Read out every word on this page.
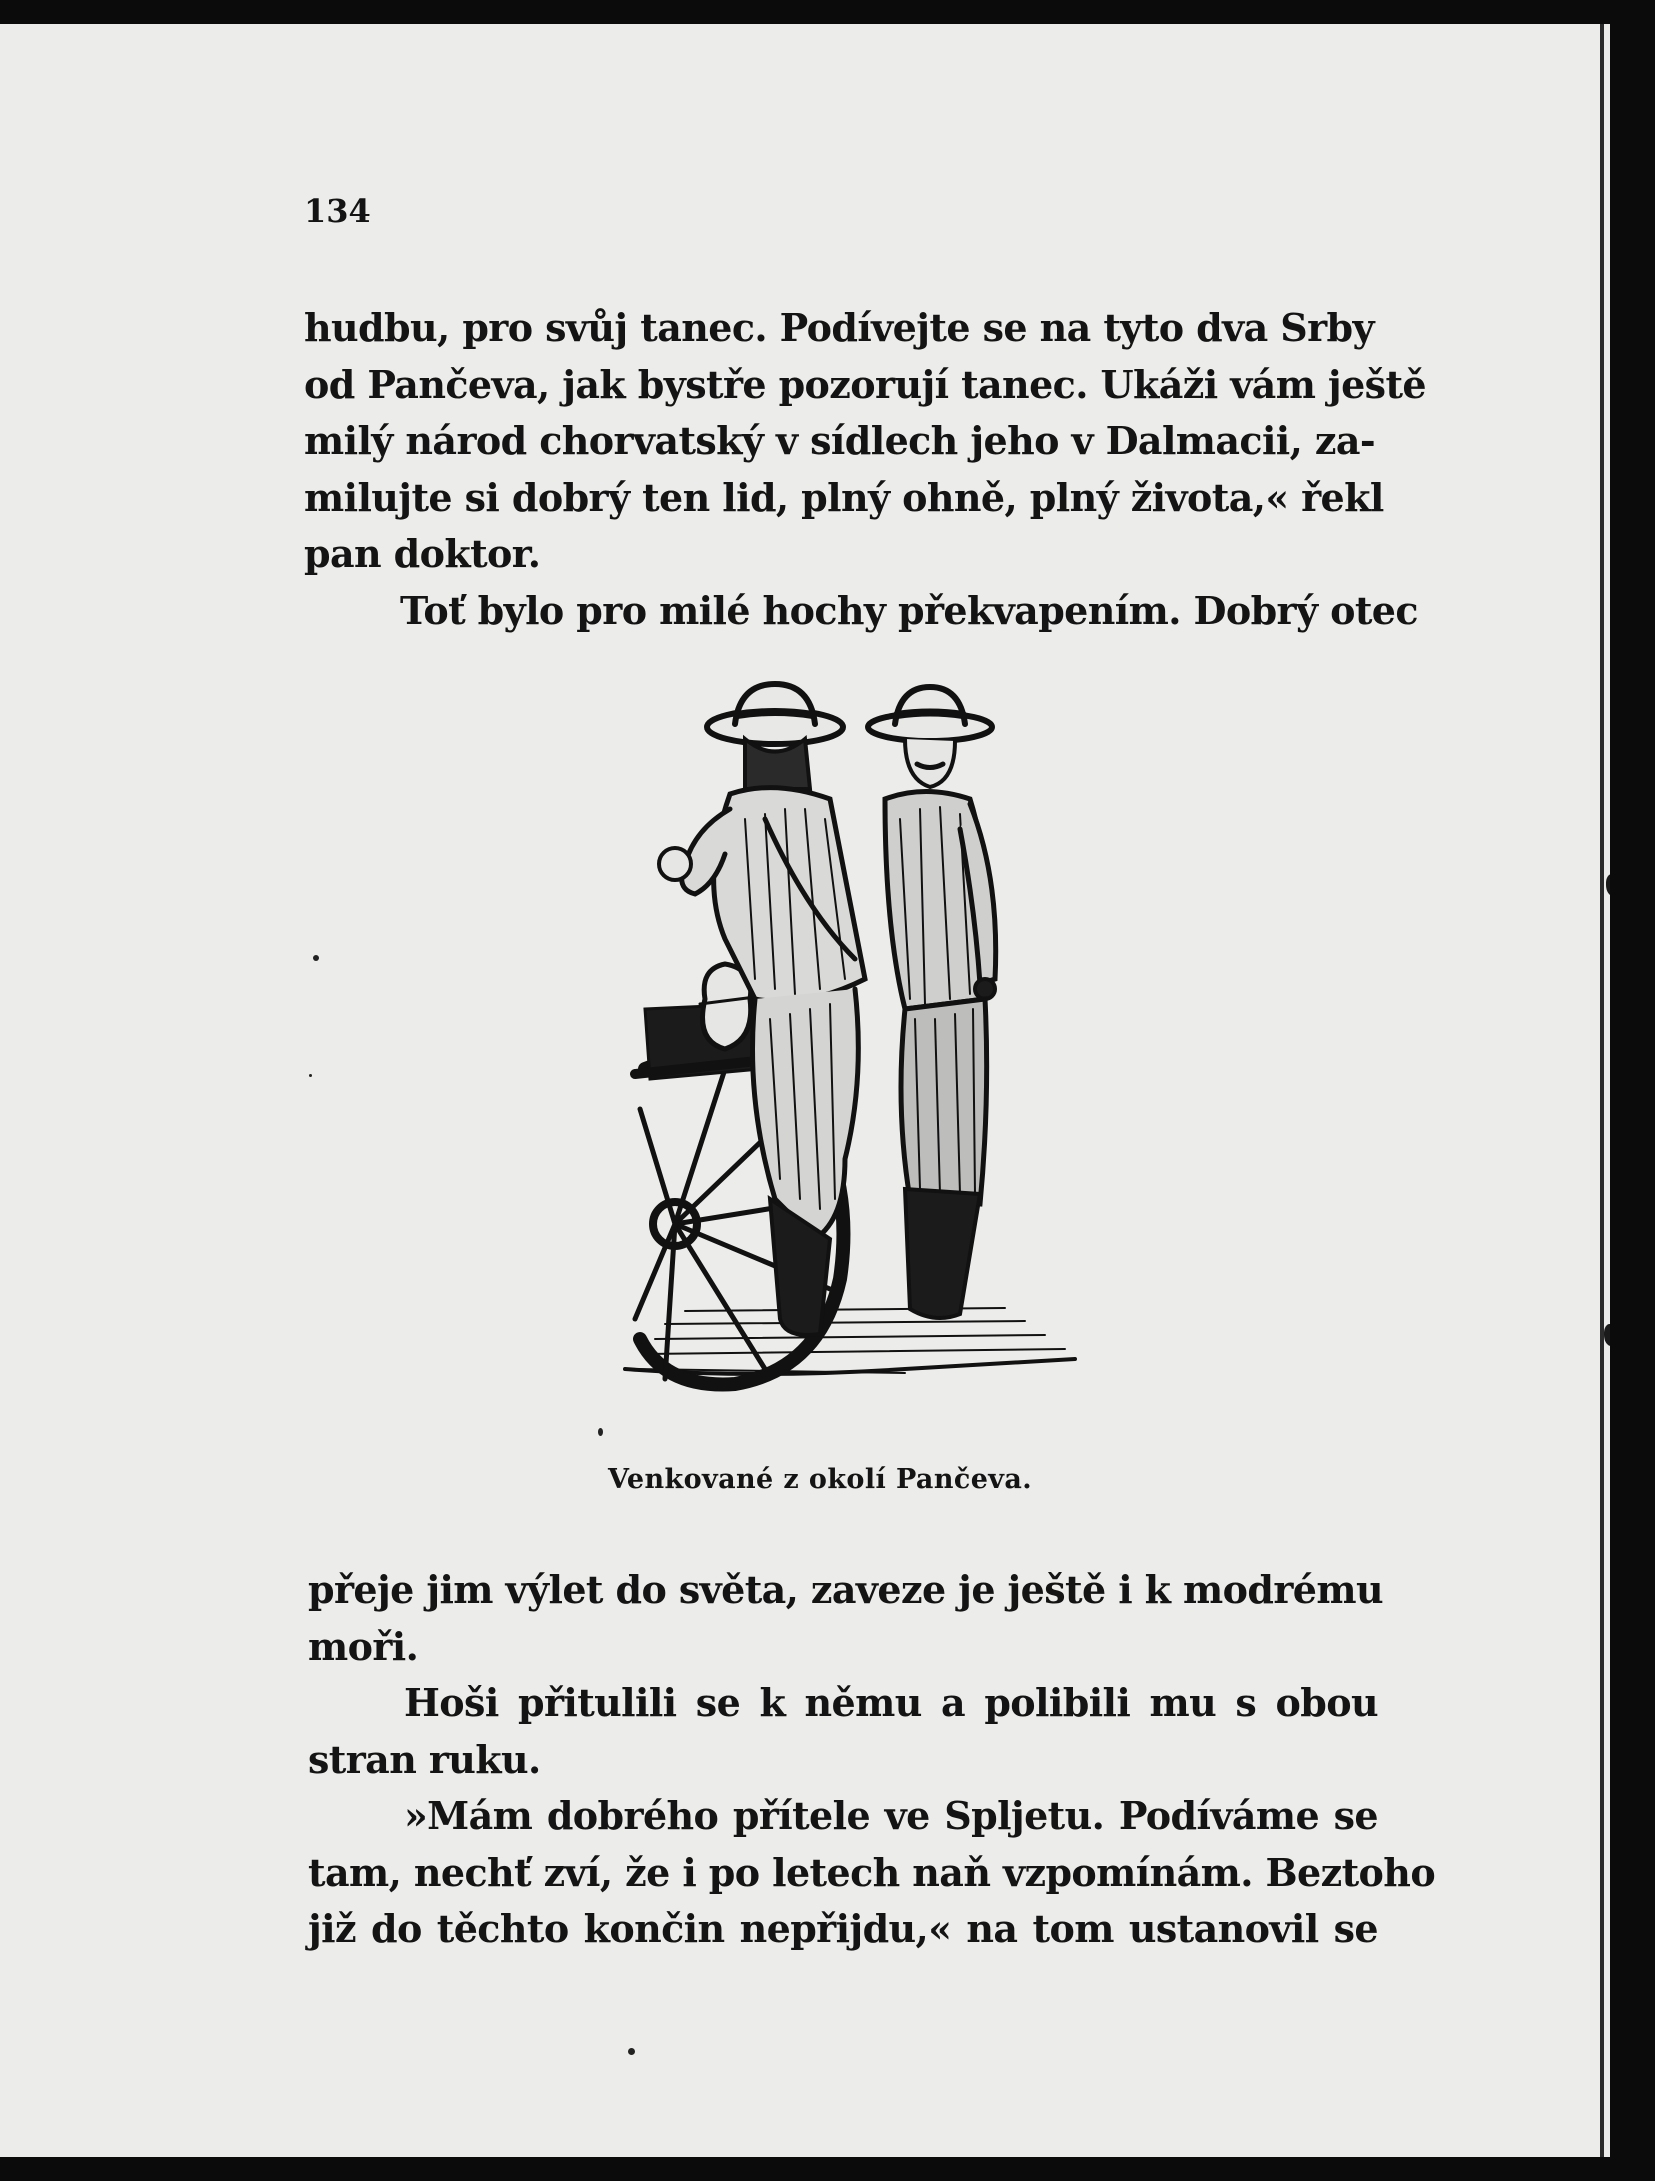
134
hudbu, pro svůj tanec. Podívejte se na tyto dva Srby
od Pančeva, jak bystře pozorují tanec. Ukáži vám ještě
milý národ chorvatský v sídlech jeho v Dalmacii, za-
milujte si dobrý ten lid, plný ohně, plný života,« řekl
pan doktor.
Toť bylo pro milé hochy překvapením. Dobrý otec
Venkované z okolí Pančeva.
přeje jim výlet do světa, zaveze je ještě i k modrému
moři.
Hoši přitulili se k němu a polibili mu s obou
stran ruku.
»Mám dobrého přítele ve Spljetu. Podíváme se
tam, nechť zví, že i po letech naň vzpomínám. Beztoho
již do těchto končin nepřijdu,« na tom ustanovil se
